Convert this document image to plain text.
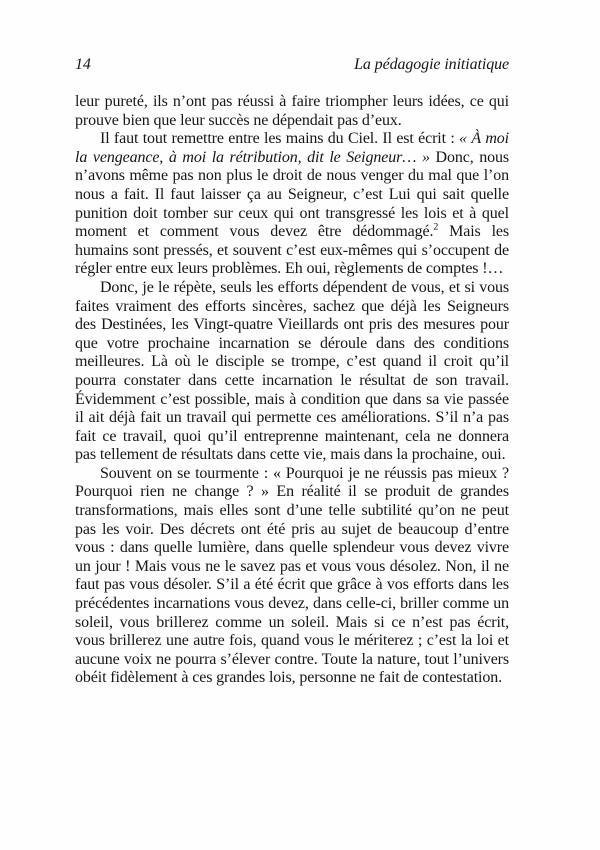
14	La pédagogie initiatique

leur pureté, ils n’ont pas réussi à faire triompher leurs idées, ce qui prouve bien que leur succès ne dépendait pas d’eux.

Il faut tout remettre entre les mains du Ciel. Il est écrit : « À moi la vengeance, à moi la rétribution, dit le Seigneur… » Donc, nous n’avons même pas non plus le droit de nous venger du mal que l’on nous a fait. Il faut laisser ça au Seigneur, c’est Lui qui sait quelle punition doit tomber sur ceux qui ont transgressé les lois et à quel moment et comment vous devez être dédommagé.$^2$ Mais les humains sont pressés, et souvent c’est eux-mêmes qui s’occupent de régler entre eux leurs problèmes. Eh oui, règlements de comptes !…

Donc, je le répète, seuls les efforts dépendent de vous, et si vous faites vraiment des efforts sincères, sachez que déjà les Seigneurs des Destinées, les Vingt-quatre Vieillards ont pris des mesures pour que votre prochaine incarnation se déroule dans des conditions meilleures. Là où le disciple se trompe, c’est quand il croit qu’il pourra constater dans cette incarnation le résultat de son travail. Évidemment c’est possible, mais à condition que dans sa vie passée il ait déjà fait un travail qui permette ces améliorations. S’il n’a pas fait ce travail, quoi qu’il entreprenne maintenant, cela ne donnera pas tellement de résultats dans cette vie, mais dans la prochaine, oui.

Souvent on se tourmente : « Pourquoi je ne réussis pas mieux ? Pourquoi rien ne change ? » En réalité il se produit de grandes transformations, mais elles sont d’une telle subtilité qu’on ne peut pas les voir. Des décrets ont été pris au sujet de beaucoup d’entre vous : dans quelle lumière, dans quelle splendeur vous devez vivre un jour ! Mais vous ne le savez pas et vous vous désolez. Non, il ne faut pas vous désoler. S’il a été écrit que grâce à vos efforts dans les précédentes incarnations vous devez, dans celle-ci, briller comme un soleil, vous brillerez comme un soleil. Mais si ce n’est pas écrit, vous brillerez une autre fois, quand vous le mériterez ; c’est la loi et aucune voix ne pourra s’élever contre. Toute la nature, tout l’univers obéit fidèlement à ces grandes lois, personne ne fait de contestation.
